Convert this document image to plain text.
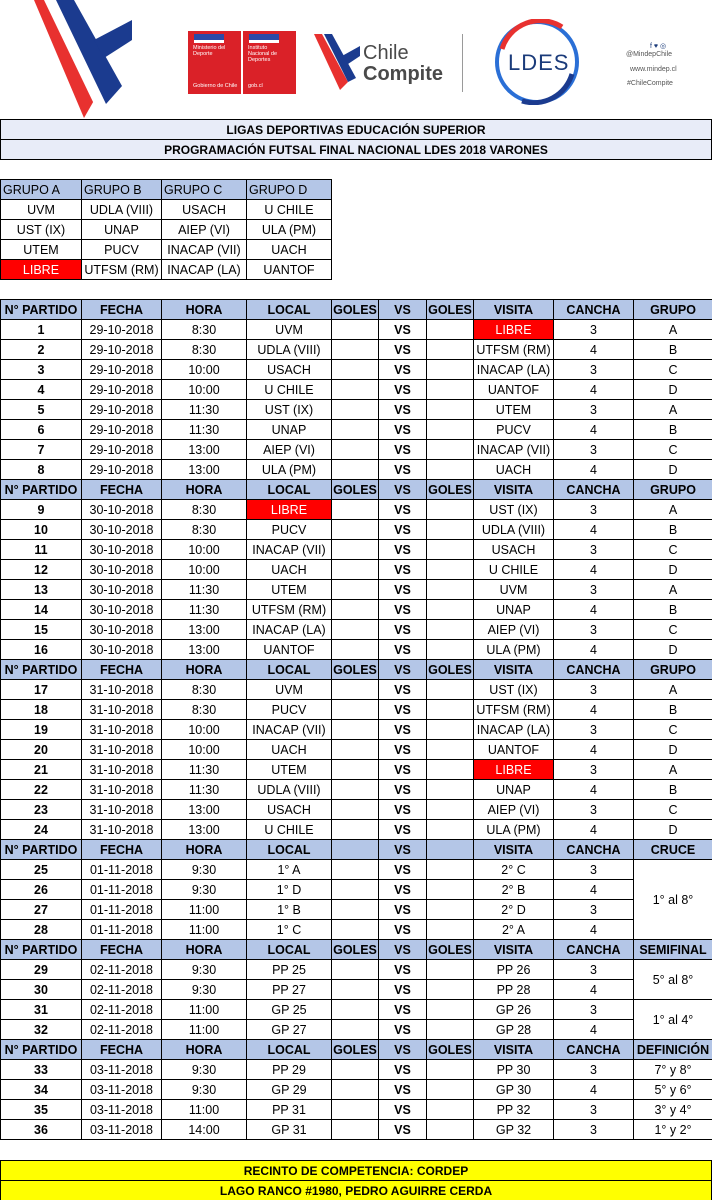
Ministerio del
Deporte
Gobierno de Chile
Instituto
Nacional de
Deportes
gob.cl
Chile
Compite	LDES
f ♥ ◎
@MindepChile
www.mindep.cl
#ChileCompite
LIGAS DEPORTIVAS EDUCACIÓN SUPERIOR
PROGRAMACIÓN FUTSAL FINAL NACIONAL LDES 2018 VARONES
GRUPO A	GRUPO B	GRUPO C	GRUPO D
UVM	UDLA (VIII)	USACH	U CHILE
UST (IX)	UNAP	AIEP (VI)	ULA (PM)
UTEM	PUCV	INACAP (VII)	UACH
LIBRE	UTFSM (RM)	INACAP (LA)	UANTOF
N° PARTIDO	FECHA	HORA	LOCAL	GOLES	VS	GOLES	VISITA	CANCHA	GRUPO
1	29-10-2018	8:30	UVM		VS		LIBRE	3	A
2	29-10-2018	8:30	UDLA (VIII)		VS		UTFSM (RM)	4	B
3	29-10-2018	10:00	USACH		VS		INACAP (LA)	3	C
4	29-10-2018	10:00	U CHILE		VS		UANTOF	4	D
5	29-10-2018	11:30	UST (IX)		VS		UTEM	3	A
6	29-10-2018	11:30	UNAP		VS		PUCV	4	B
7	29-10-2018	13:00	AIEP (VI)		VS		INACAP (VII)	3	C
8	29-10-2018	13:00	ULA (PM)		VS		UACH	4	D
N° PARTIDO	FECHA	HORA	LOCAL	GOLES	VS	GOLES	VISITA	CANCHA	GRUPO
9	30-10-2018	8:30	LIBRE		VS		UST (IX)	3	A
10	30-10-2018	8:30	PUCV		VS		UDLA (VIII)	4	B
11	30-10-2018	10:00	INACAP (VII)		VS		USACH	3	C
12	30-10-2018	10:00	UACH		VS		U CHILE	4	D
13	30-10-2018	11:30	UTEM		VS		UVM	3	A
14	30-10-2018	11:30	UTFSM (RM)		VS		UNAP	4	B
15	30-10-2018	13:00	INACAP (LA)		VS		AIEP (VI)	3	C
16	30-10-2018	13:00	UANTOF		VS		ULA (PM)	4	D
N° PARTIDO	FECHA	HORA	LOCAL	GOLES	VS	GOLES	VISITA	CANCHA	GRUPO
17	31-10-2018	8:30	UVM		VS		UST (IX)	3	A
18	31-10-2018	8:30	PUCV		VS		UTFSM (RM)	4	B
19	31-10-2018	10:00	INACAP (VII)		VS		INACAP (LA)	3	C
20	31-10-2018	10:00	UACH		VS		UANTOF	4	D
21	31-10-2018	11:30	UTEM		VS		LIBRE	3	A
22	31-10-2018	11:30	UDLA (VIII)		VS		UNAP	4	B
23	31-10-2018	13:00	USACH		VS		AIEP (VI)	3	C
24	31-10-2018	13:00	U CHILE		VS		ULA (PM)	4	D
N° PARTIDO	FECHA	HORA	LOCAL		VS		VISITA	CANCHA	CRUCE
25	01-11-2018	9:30	1° A		VS		2° C	3	1° al 8°
26	01-11-2018	9:30	1° D		VS		2° B	4	
27	01-11-2018	11:00	1° B		VS		2° D	3	
28	01-11-2018	11:00	1° C		VS		2° A	4	
N° PARTIDO	FECHA	HORA	LOCAL	GOLES	VS	GOLES	VISITA	CANCHA	SEMIFINAL
29	02-11-2018	9:30	PP 25		VS		PP 26	3	5° al 8°
30	02-11-2018	9:30	PP 27		VS		PP 28	4	
31	02-11-2018	11:00	GP 25		VS		GP 26	3	1° al 4°
32	02-11-2018	11:00	GP 27		VS		GP 28	4	
N° PARTIDO	FECHA	HORA	LOCAL	GOLES	VS	GOLES	VISITA	CANCHA	DEFINICIÓN
33	03-11-2018	9:30	PP 29		VS		PP 30	3	7° y 8°
34	03-11-2018	9:30	GP 29		VS		GP 30	4	5° y 6°
35	03-11-2018	11:00	PP 31		VS		PP 32	3	3° y 4°
36	03-11-2018	14:00	GP 31		VS		GP 32	3	1° y 2°
RECINTO DE COMPETENCIA: CORDEP
LAGO RANCO #1980, PEDRO AGUIRRE CERDA
